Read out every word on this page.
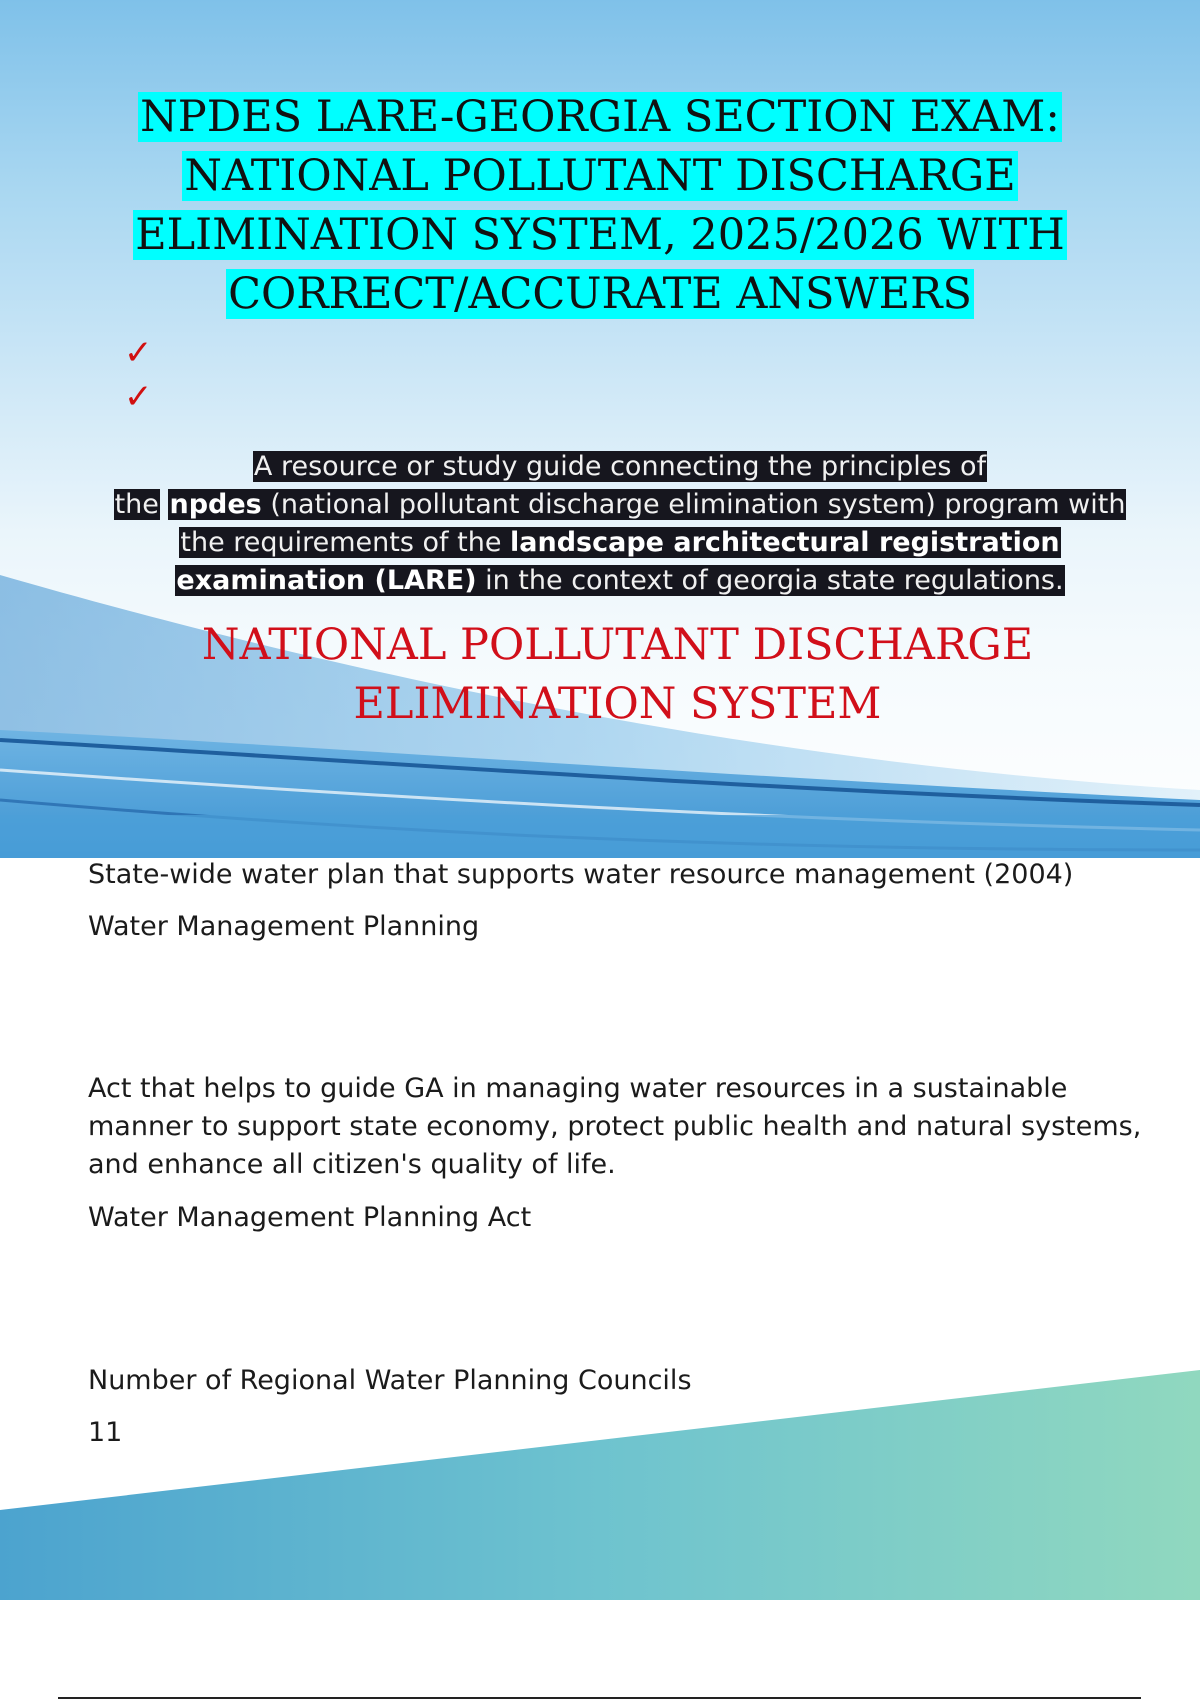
NPDES LARE-GEORGIA SECTION EXAM:
NATIONAL POLLUTANT DISCHARGE
ELIMINATION SYSTEM, 2025/2026 WITH
CORRECT/ACCURATE ANSWERS
✓
✓
A resource or study guide connecting the principles of
the npdes (national pollutant discharge elimination system) program with
the requirements of the landscape architectural registration
examination (LARE) in the context of georgia state regulations.
NATIONAL POLLUTANT DISCHARGE
ELIMINATION SYSTEM
State-wide water plan that supports water resource management (2004)
Water Management Planning
Act that helps to guide GA in managing water resources in a sustainable manner to support state economy, protect public health and natural systems, and enhance all citizen's quality of life.
Water Management Planning Act
Number of Regional Water Planning Councils
11
